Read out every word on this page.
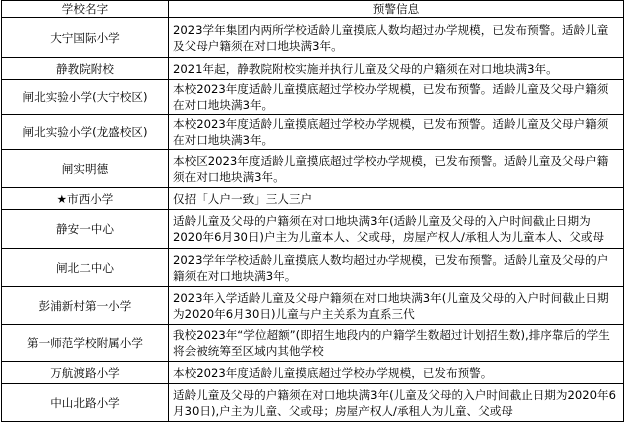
学校名字	预警信息
大宁国际小学	2023学年集团内两所学校适龄儿童摸底人数均超过办学规模，已发布预警。适龄儿童及父母户籍须在对口地块满3年。
静教院附校	2021年起，静教院附校实施并执行儿童及父母的户籍须在对口地块满3年。
闸北实验小学(大宁校区)	本校2023年度适龄儿童摸底超过学校办学规模，已发布预警。适龄儿童及父母户籍须在对口地块满3年。
闸北实验小学(龙盛校区)	本校2023年度适龄儿童摸底超过学校办学规模，已发布预警。适龄儿童及父母户籍须在对口地块满3年。
闸实明德	本校区2023年度适龄儿童摸底超过学校办学规模，已发布预警。适龄儿童及父母户籍须在对口地块满3年。
★市西小学	仅招「人户一致」三人三户
静安一中心	适龄儿童及父母的户籍须在对口地块满3年(适龄儿童及父母的入户时间截止日期为2020年6月30日)户主为儿童本人、父或母，房屋产权人/承租人为儿童本人、父或母
闸北二中心	2023学年学校适龄儿童摸底人数均超过办学规模，已发布预警。适龄儿童及父母的户籍须在对口地块满3年。
彭浦新村第一小学	2023年入学适龄儿童及父母户籍须在对口地块满3年(儿童及父母的入户时间截止日期为2020年6月30日)儿童与户主关系为直系三代
第一师范学校附属小学	我校2023年“学位超额”(即招生地段内的户籍学生数超过计划招生数),排序靠后的学生将会被统筹至区域内其他学校
万航渡路小学	本校2023年度适龄儿童摸底超过学校办学规模，已发布预警。
中山北路小学	适龄儿童及父母的户籍须在对口地块满3年(儿童及父母的入户时间截止日期为2020年6月30日),户主为儿童、父或母；房屋产权人/承租人为儿童、父或母
